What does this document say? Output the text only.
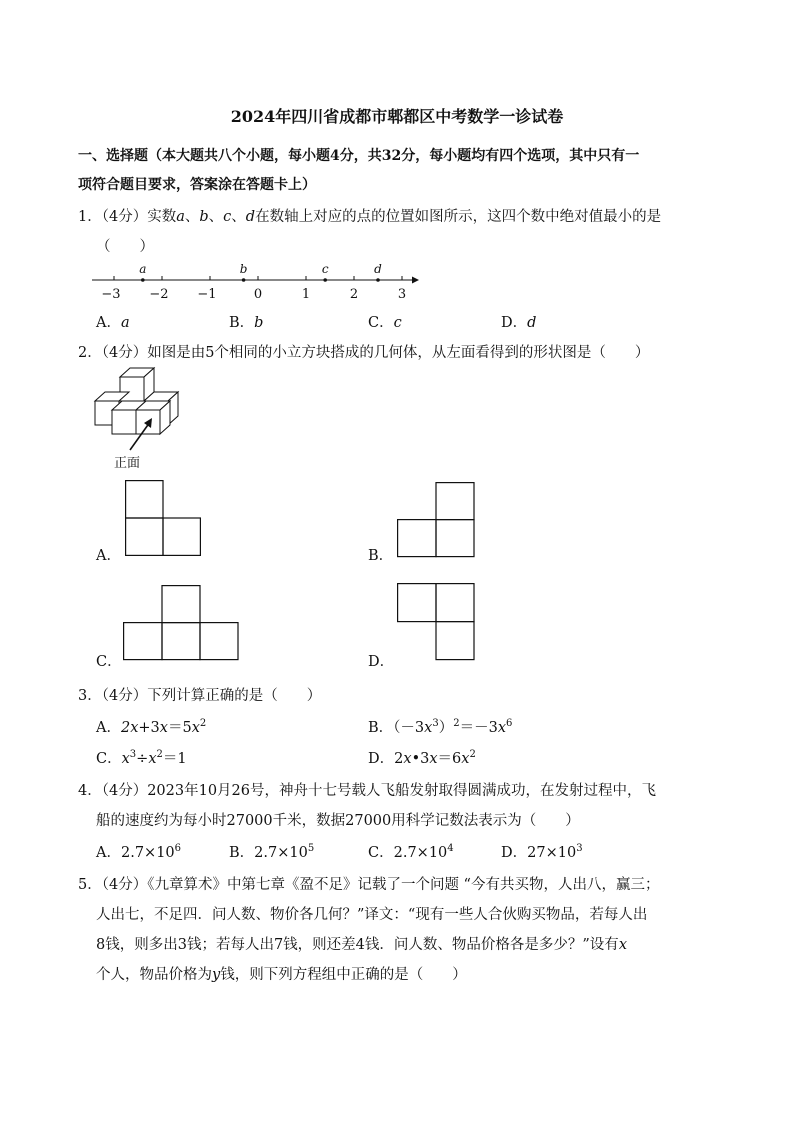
2024年四川省成都市郫都区中考数学一诊试卷
一、选择题（本大题共八个小题，每小题4分，共32分，每小题均有四个选项，其中只有一
项符合题目要求，答案涂在答题卡上）
1．（4分）实数a、b、c、d在数轴上对应的点的位置如图所示，这四个数中绝对值最小的是
（　　）
−3 −2 −1	0	1	2	3
a	b	c	d
A．a	B．b	C．c	D．d
2．（4分）如图是由5个相同的小立方块搭成的几何体，从左面看得到的形状图是（　　）
正面
A．	B．
C．	D．
3．（4分）下列计算正确的是（　　）
A．$2x+3x=5x^2$	B．$(-3x^3)^2=-3x^6$
C．$x^3\div x^2=1$	D．$2x•3x=6x^2$
4．（4分）2023年10月26号，神舟十七号载人飞船发射取得圆满成功，在发射过程中，飞
船的速度约为每小时27000千米，数据27000用科学记数法表示为（　　）
A．$2.7\times 10^6$	B．$2.7\times 10^5$	C．$2.7\times 10^4$	D．$27\times 10^3$
5．（4分）《九章算术》中第七章《盈不足》记载了一个问题 “今有共买物，人出八，赢三；
人出七，不足四．问人数、物价各几何？”译文：“现有一些人合伙购买物品，若每人出
8钱，则多出3钱；若每人出7钱，则还差4钱．问人数、物品价格各是多少？”设有x
个人，物品价格为y钱，则下列方程组中正确的是（　　）
